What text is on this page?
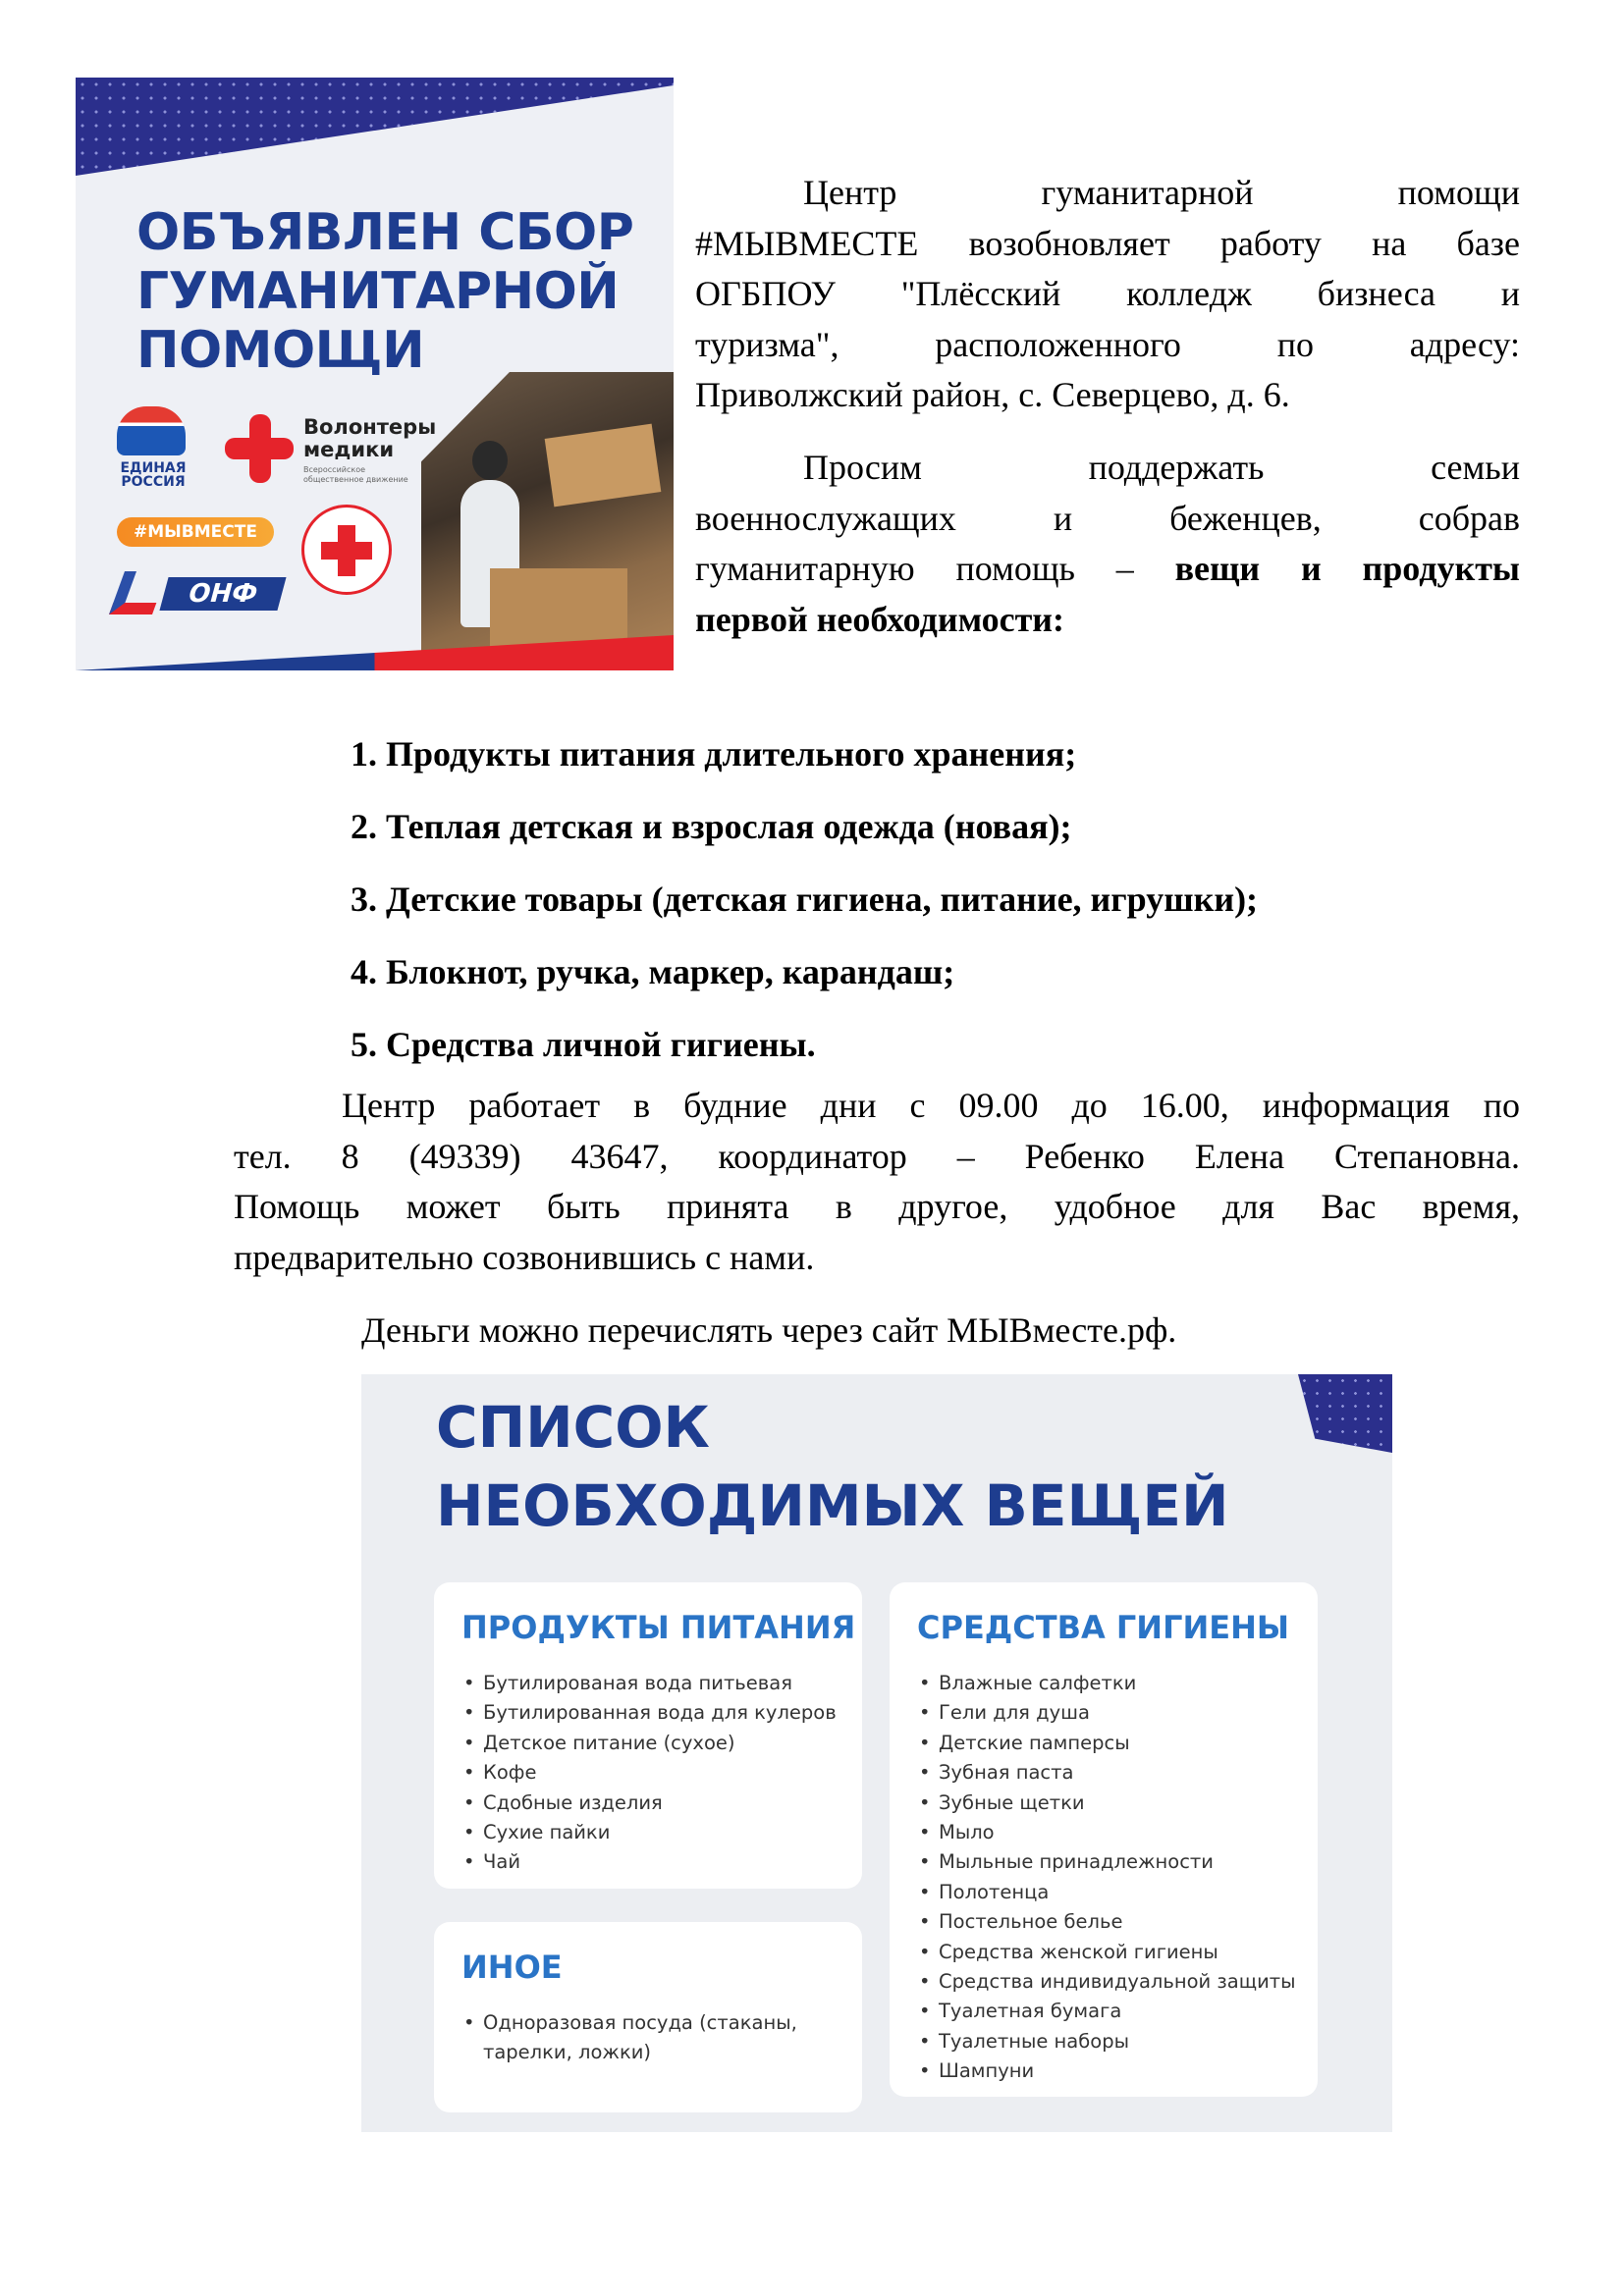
ОБЪЯВЛЕН СБОР
ГУМАНИТАРНОЙ
ПОМОЩИ
ЕДИНАЯ
РОССИЯ
Волонтеры
медики
Всероссийское общественное движение
#МЫВМЕСТЕ
ОНФ
Центр гуманитарной помощи
#МЫВМЕСТЕ возобновляет работу на базе
ОГБПОУ "Плёсский колледж бизнеса и
туризма", расположенного по адресу:
Приволжский район, с. Северцево, д. 6.
Просим поддержать семьи
военнослужащих и беженцев, собрав
гуманитарную помощь – вещи и продукты
первой необходимости:
1. Продукты питания длительного хранения;
2. Теплая детская и взрослая одежда (новая);
3. Детские товары (детская гигиена, питание, игрушки);
4. Блокнот, ручка, маркер, карандаш;
5. Средства личной гигиены.
Центр работает в будние дни с 09.00 до 16.00, информация по
тел. 8 (49339) 43647, координатор – Ребенко Елена Степановна.
Помощь может быть принята в другое, удобное для Вас время,
предварительно созвонившись с нами.
Деньги можно перечислять через сайт МЫВместе.рф.
СПИСОК
НЕОБХОДИМЫХ ВЕЩЕЙ
ПРОДУКТЫ ПИТАНИЯ
• Бутилированая вода питьевая
• Бутилированная вода для кулеров
• Детское питание (сухое)
• Кофе
• Сдобные изделия
• Сухие пайки
• Чай
СРЕДСТВА ГИГИЕНЫ
• Влажные салфетки
• Гели для душа
• Детские памперсы
• Зубная паста
• Зубные щетки
• Мыло
• Мыльные принадлежности
• Полотенца
• Постельное белье
• Средства женской гигиены
• Средства индивидуальной защиты
• Туалетная бумага
• Туалетные наборы
• Шампуни
ИНОЕ
• Одноразовая посуда (стаканы, тарелки, ложки)
